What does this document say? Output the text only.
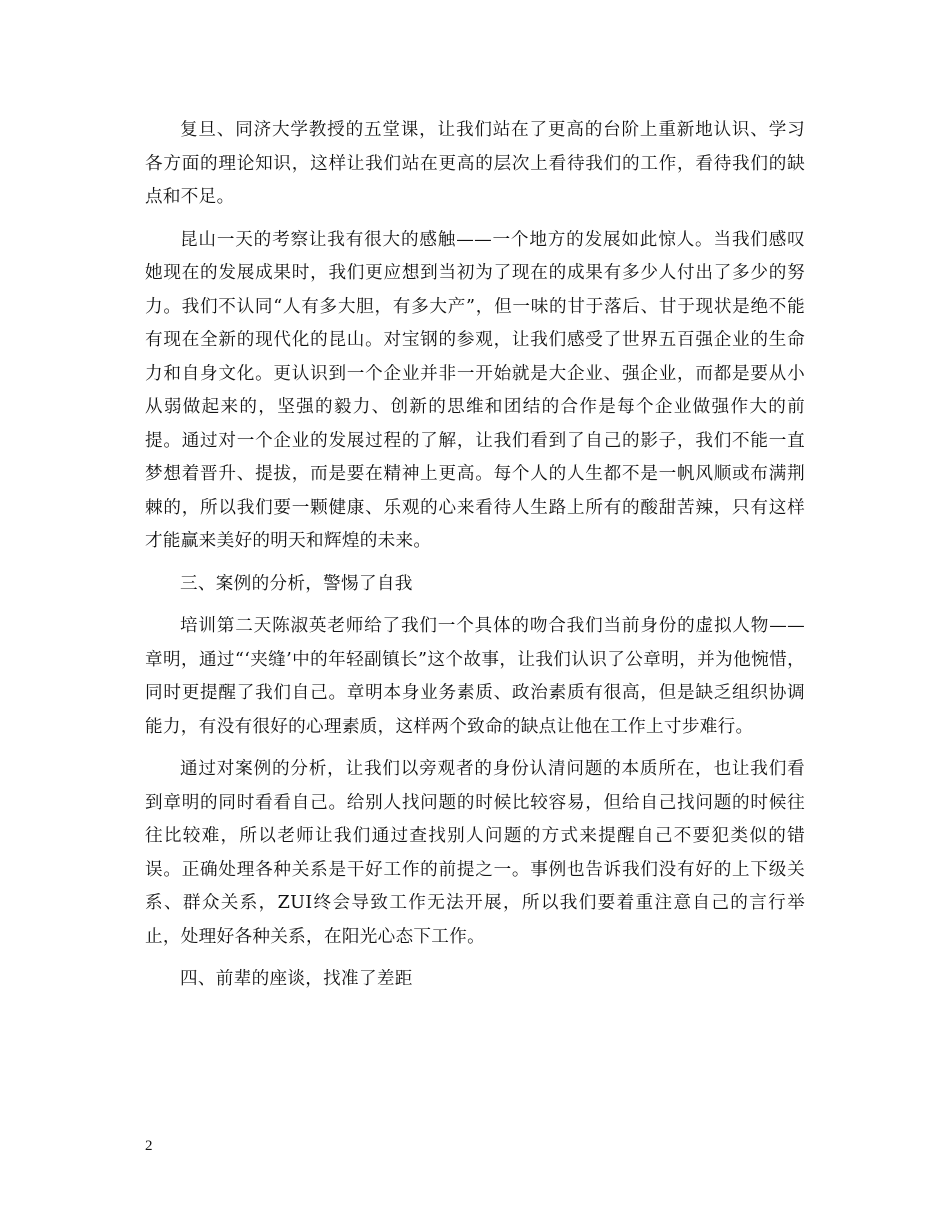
复旦、同济大学教授的五堂课，让我们站在了更高的台阶上重新地认识、学习各方面的理论知识，这样让我们站在更高的层次上看待我们的工作，看待我们的缺点和不足。

昆山一天的考察让我有很大的感触——一个地方的发展如此惊人。当我们感叹她现在的发展成果时，我们更应想到当初为了现在的成果有多少人付出了多少的努力。我们不认同“人有多大胆，有多大产”，但一味的甘于落后、甘于现状是绝不能有现在全新的现代化的昆山。对宝钢的参观，让我们感受了世界五百强企业的生命力和自身文化。更认识到一个企业并非一开始就是大企业、强企业，而都是要从小从弱做起来的，坚强的毅力、创新的思维和团结的合作是每个企业做强作大的前提。通过对一个企业的发展过程的了解，让我们看到了自己的影子，我们不能一直梦想着晋升、提拔，而是要在精神上更高。每个人的人生都不是一帆风顺或布满荆棘的，所以我们要一颗健康、乐观的心来看待人生路上所有的酸甜苦辣，只有这样才能赢来美好的明天和辉煌的未来。

三、案例的分析，警惕了自我

培训第二天陈淑英老师给了我们一个具体的吻合我们当前身份的虚拟人物——章明，通过“‘夹缝’中的年轻副镇长”这个故事，让我们认识了公章明，并为他惋惜，同时更提醒了我们自己。章明本身业务素质、政治素质有很高，但是缺乏组织协调能力，有没有很好的心理素质，这样两个致命的缺点让他在工作上寸步难行。

通过对案例的分析，让我们以旁观者的身份认清问题的本质所在，也让我们看到章明的同时看看自己。给别人找问题的时候比较容易，但给自己找问题的时候往往比较难，所以老师让我们通过查找别人问题的方式来提醒自己不要犯类似的错误。正确处理各种关系是干好工作的前提之一。事例也告诉我们没有好的上下级关系、群众关系，ZUI终会导致工作无法开展，所以我们要着重注意自己的言行举止，处理好各种关系，在阳光心态下工作。

四、前辈的座谈，找准了差距

2
